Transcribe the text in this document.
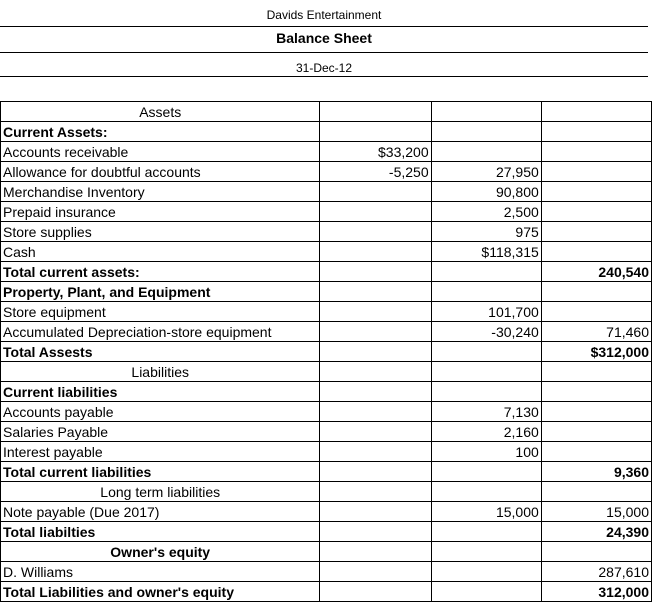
Davids Entertainment
Balance Sheet
31-Dec-12
Assets			
Current Assets:			
Accounts receivable	$33,200		
Allowance for doubtful accounts	-5,250	27,950	
Merchandise Inventory		90,800	
Prepaid insurance		2,500	
Store supplies		975	
Cash		$118,315	
Total current assets:			240,540
Property, Plant, and Equipment			
Store equipment		101,700	
Accumulated Depreciation-store equipment		-30,240	71,460
Total Assests			$312,000
Liabilities			
Current liabilities			
Accounts payable		7,130	
Salaries Payable		2,160	
Interest payable		100	
Total current liabilities			9,360
Long term liabilities			
Note payable (Due 2017)		15,000	15,000
Total liabilties			24,390
Owner's equity			
D. Williams			287,610
Total Liabilities and owner's equity			312,000
